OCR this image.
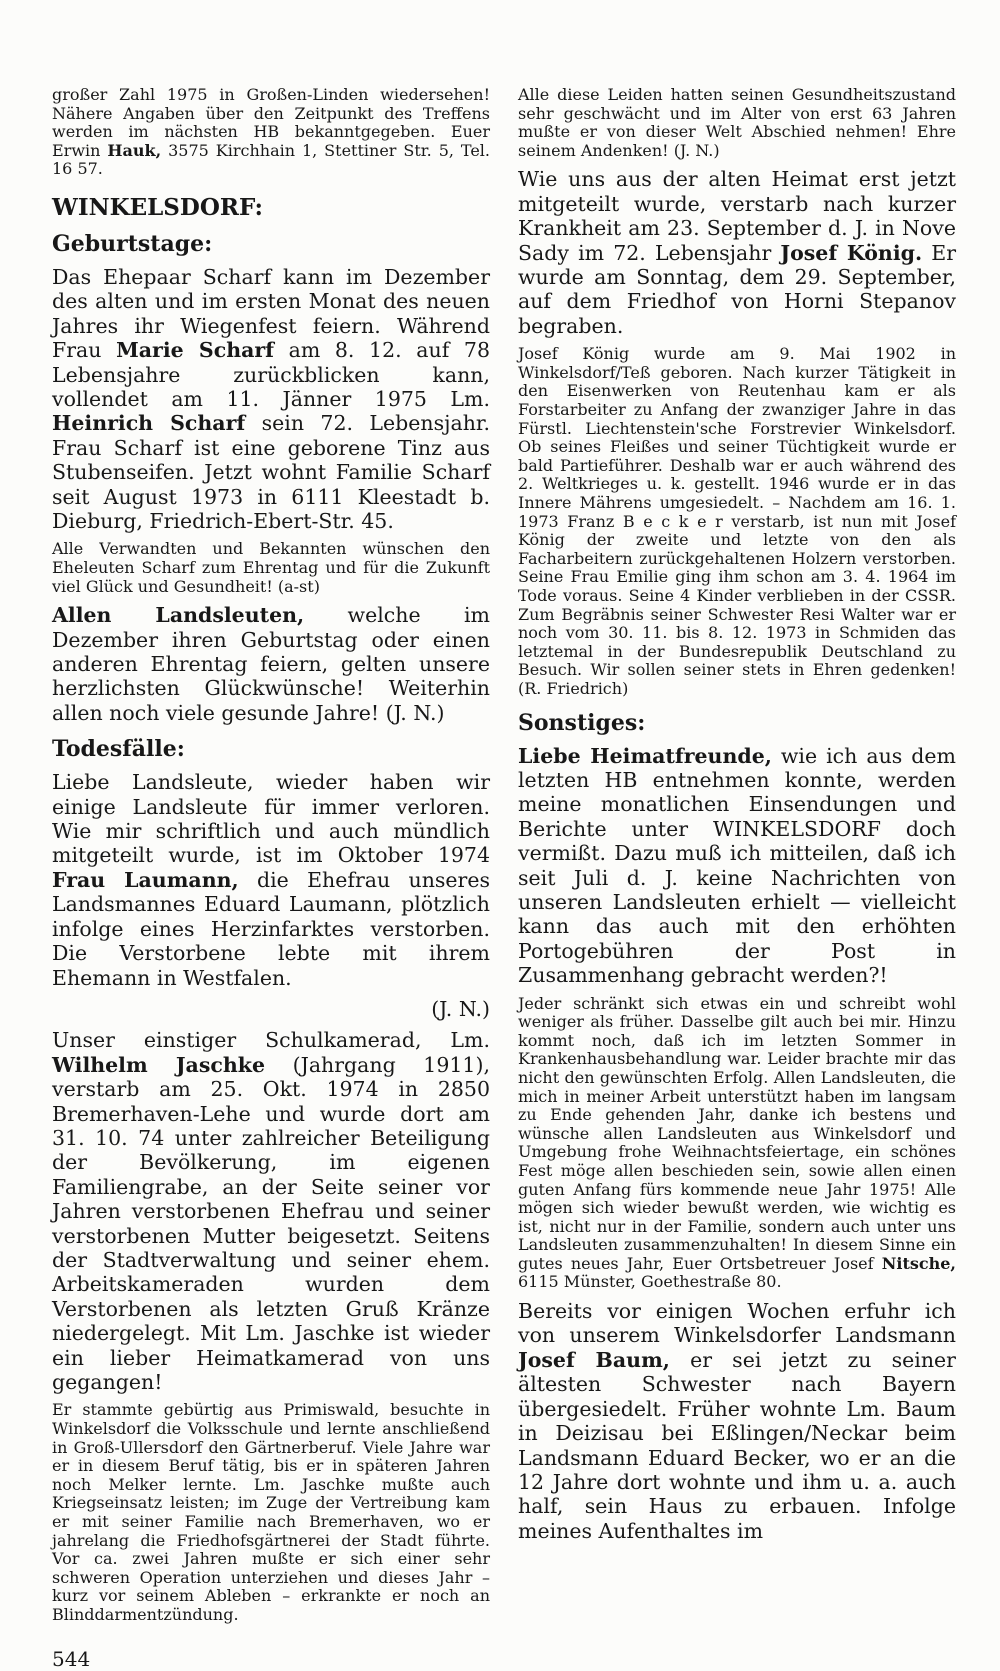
großer Zahl 1975 in Großen-Linden wiedersehen! Nähere Angaben über den Zeitpunkt des Treffens werden im nächsten HB bekanntgegeben. Euer Erwin Hauk, 3575 Kirchhain 1, Stettiner Str. 5, Tel. 16 57.

WINKELSDORF:
Geburtstage:

Das Ehepaar Scharf kann im Dezember des alten und im ersten Monat des neuen Jahres ihr Wiegenfest feiern. Während Frau Marie Scharf am 8. 12. auf 78 Lebensjahre zurückblicken kann, vollendet am 11. Jänner 1975 Lm. Heinrich Scharf sein 72. Lebensjahr. Frau Scharf ist eine geborene Tinz aus Stubenseifen. Jetzt wohnt Familie Scharf seit August 1973 in 6111 Kleestadt b. Dieburg, Friedrich-Ebert-Str. 45.

Alle Verwandten und Bekannten wünschen den Eheleuten Scharf zum Ehrentag und für die Zukunft viel Glück und Gesundheit! (a-st)

Allen Landsleuten, welche im Dezember ihren Geburtstag oder einen anderen Ehrentag feiern, gelten unsere herzlichsten Glückwünsche! Weiterhin allen noch viele gesunde Jahre! (J. N.)

Todesfälle:

Liebe Landsleute, wieder haben wir einige Landsleute für immer verloren. Wie mir schriftlich und auch mündlich mitgeteilt wurde, ist im Oktober 1974 Frau Laumann, die Ehefrau unseres Landsmannes Eduard Laumann, plötzlich infolge eines Herzinfarktes verstorben. Die Verstorbene lebte mit ihrem Ehemann in Westfalen.

(J. N.)

Unser einstiger Schulkamerad, Lm. Wilhelm Jaschke (Jahrgang 1911), verstarb am 25. Okt. 1974 in 2850 Bremerhaven-Lehe und wurde dort am 31. 10. 74 unter zahlreicher Beteiligung der Bevölkerung, im eigenen Familiengrabe, an der Seite seiner vor Jahren verstorbenen Ehefrau und seiner verstorbenen Mutter beigesetzt. Seitens der Stadtverwaltung und seiner ehem. Arbeitskameraden wurden dem Verstorbenen als letzten Gruß Kränze niedergelegt. Mit Lm. Jaschke ist wieder ein lieber Heimatkamerad von uns gegangen!

Er stammte gebürtig aus Primiswald, besuchte in Winkelsdorf die Volksschule und lernte anschließend in Groß-Ullersdorf den Gärtnerberuf. Viele Jahre war er in diesem Beruf tätig, bis er in späteren Jahren noch Melker lernte. Lm. Jaschke mußte auch Kriegseinsatz leisten; im Zuge der Vertreibung kam er mit seiner Familie nach Bremerhaven, wo er jahrelang die Friedhofsgärtnerei der Stadt führte. Vor ca. zwei Jahren mußte er sich einer sehr schweren Operation unterziehen und dieses Jahr – kurz vor seinem Ableben – erkrankte er noch an Blinddarmentzündung.

544

Alle diese Leiden hatten seinen Gesundheitszustand sehr geschwächt und im Alter von erst 63 Jahren mußte er von dieser Welt Abschied nehmen! Ehre seinem Andenken! (J. N.)

Wie uns aus der alten Heimat erst jetzt mitgeteilt wurde, verstarb nach kurzer Krankheit am 23. September d. J. in Nove Sady im 72. Lebensjahr Josef König. Er wurde am Sonntag, dem 29. September, auf dem Friedhof von Horni Stepanov begraben.

Josef König wurde am 9. Mai 1902 in Winkelsdorf/Teß geboren. Nach kurzer Tätigkeit in den Eisenwerken von Reutenhau kam er als Forstarbeiter zu Anfang der zwanziger Jahre in das Fürstl. Liechtenstein'sche Forstrevier Winkelsdorf. Ob seines Fleißes und seiner Tüchtigkeit wurde er bald Partieführer. Deshalb war er auch während des 2. Weltkrieges u. k. gestellt. 1946 wurde er in das Innere Mährens umgesiedelt. – Nachdem am 16. 1. 1973 Franz B e c k e r verstarb, ist nun mit Josef König der zweite und letzte von den als Facharbeitern zurückgehaltenen Holzern verstorben. Seine Frau Emilie ging ihm schon am 3. 4. 1964 im Tode voraus. Seine 4 Kinder verblieben in der CSSR. Zum Begräbnis seiner Schwester Resi Walter war er noch vom 30. 11. bis 8. 12. 1973 in Schmiden das letztemal in der Bundesrepublik Deutschland zu Besuch. Wir sollen seiner stets in Ehren gedenken! (R. Friedrich)

Sonstiges:

Liebe Heimatfreunde, wie ich aus dem letzten HB entnehmen konnte, werden meine monatlichen Einsendungen und Berichte unter WINKELSDORF doch vermißt. Dazu muß ich mitteilen, daß ich seit Juli d. J. keine Nachrichten von unseren Landsleuten erhielt — vielleicht kann das auch mit den erhöhten Portogebühren der Post in Zusammenhang gebracht werden?!

Jeder schränkt sich etwas ein und schreibt wohl weniger als früher. Dasselbe gilt auch bei mir. Hinzu kommt noch, daß ich im letzten Sommer in Krankenhausbehandlung war. Leider brachte mir das nicht den gewünschten Erfolg. Allen Landsleuten, die mich in meiner Arbeit unterstützt haben im langsam zu Ende gehenden Jahr, danke ich bestens und wünsche allen Landsleuten aus Winkelsdorf und Umgebung frohe Weihnachtsfeiertage, ein schönes Fest möge allen beschieden sein, sowie allen einen guten Anfang fürs kommende neue Jahr 1975! Alle mögen sich wieder bewußt werden, wie wichtig es ist, nicht nur in der Familie, sondern auch unter uns Landsleuten zusammenzuhalten! In diesem Sinne ein gutes neues Jahr, Euer Ortsbetreuer Josef Nitsche, 6115 Münster, Goethestraße 80.

Bereits vor einigen Wochen erfuhr ich von unserem Winkelsdorfer Landsmann Josef Baum, er sei jetzt zu seiner ältesten Schwester nach Bayern übergesiedelt. Früher wohnte Lm. Baum in Deizisau bei Eßlingen/Neckar beim Landsmann Eduard Becker, wo er an die 12 Jahre dort wohnte und ihm u. a. auch half, sein Haus zu erbauen. Infolge meines Aufenthaltes im
